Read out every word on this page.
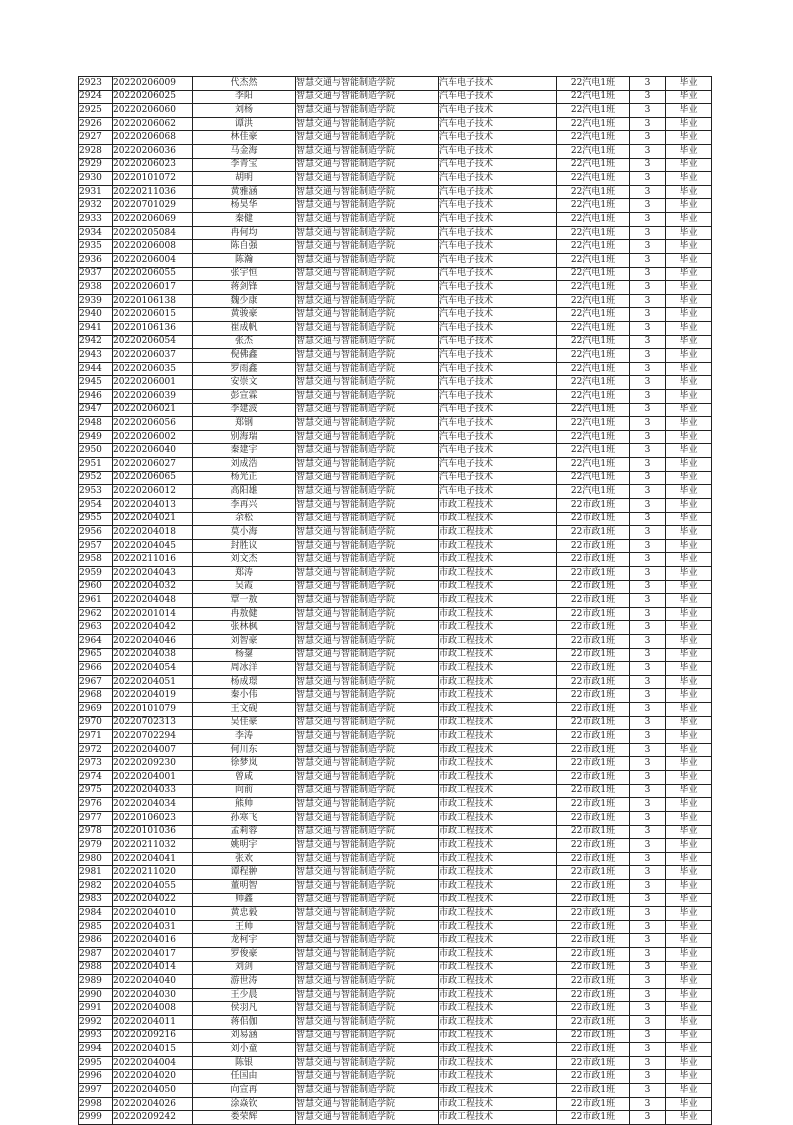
2923	20220206009	代杰然	智慧交通与智能制造学院	汽车电子技术	22汽电1班	3	毕业
2924	20220206025	李阳	智慧交通与智能制造学院	汽车电子技术	22汽电1班	3	毕业
2925	20220206060	刘杨	智慧交通与智能制造学院	汽车电子技术	22汽电1班	3	毕业
2926	20220206062	谭洪	智慧交通与智能制造学院	汽车电子技术	22汽电1班	3	毕业
2927	20220206068	林佳豪	智慧交通与智能制造学院	汽车电子技术	22汽电1班	3	毕业
2928	20220206036	马金海	智慧交通与智能制造学院	汽车电子技术	22汽电1班	3	毕业
2929	20220206023	李青宝	智慧交通与智能制造学院	汽车电子技术	22汽电1班	3	毕业
2930	20220101072	胡明	智慧交通与智能制造学院	汽车电子技术	22汽电1班	3	毕业
2931	20220211036	黄雅涵	智慧交通与智能制造学院	汽车电子技术	22汽电1班	3	毕业
2932	20220701029	杨昊华	智慧交通与智能制造学院	汽车电子技术	22汽电1班	3	毕业
2933	20220206069	秦健	智慧交通与智能制造学院	汽车电子技术	22汽电1班	3	毕业
2934	20220205084	冉何均	智慧交通与智能制造学院	汽车电子技术	22汽电1班	3	毕业
2935	20220206008	陈自强	智慧交通与智能制造学院	汽车电子技术	22汽电1班	3	毕业
2936	20220206004	陈瀚	智慧交通与智能制造学院	汽车电子技术	22汽电1班	3	毕业
2937	20220206055	张宇恒	智慧交通与智能制造学院	汽车电子技术	22汽电1班	3	毕业
2938	20220206017	蒋剑锋	智慧交通与智能制造学院	汽车电子技术	22汽电1班	3	毕业
2939	20220106138	魏少康	智慧交通与智能制造学院	汽车电子技术	22汽电1班	3	毕业
2940	20220206015	黄骏豪	智慧交通与智能制造学院	汽车电子技术	22汽电1班	3	毕业
2941	20220106136	崔成帆	智慧交通与智能制造学院	汽车电子技术	22汽电1班	3	毕业
2942	20220206054	张杰	智慧交通与智能制造学院	汽车电子技术	22汽电1班	3	毕业
2943	20220206037	倪佛鑫	智慧交通与智能制造学院	汽车电子技术	22汽电1班	3	毕业
2944	20220206035	罗雨鑫	智慧交通与智能制造学院	汽车电子技术	22汽电1班	3	毕业
2945	20220206001	安崇文	智慧交通与智能制造学院	汽车电子技术	22汽电1班	3	毕业
2946	20220206039	彭宣霖	智慧交通与智能制造学院	汽车电子技术	22汽电1班	3	毕业
2947	20220206021	李建波	智慧交通与智能制造学院	汽车电子技术	22汽电1班	3	毕业
2948	20220206056	郑钢	智慧交通与智能制造学院	汽车电子技术	22汽电1班	3	毕业
2949	20220206002	别海瑞	智慧交通与智能制造学院	汽车电子技术	22汽电1班	3	毕业
2950	20220206040	秦建宇	智慧交通与智能制造学院	汽车电子技术	22汽电1班	3	毕业
2951	20220206027	刘成浩	智慧交通与智能制造学院	汽车电子技术	22汽电1班	3	毕业
2952	20220206065	杨光正	智慧交通与智能制造学院	汽车电子技术	22汽电1班	3	毕业
2953	20220206012	高阳雄	智慧交通与智能制造学院	汽车电子技术	22汽电1班	3	毕业
2954	20220204013	李再兴	智慧交通与智能制造学院	市政工程技术	22市政1班	3	毕业
2955	20220204021	余松	智慧交通与智能制造学院	市政工程技术	22市政1班	3	毕业
2956	20220204018	莫小海	智慧交通与智能制造学院	市政工程技术	22市政1班	3	毕业
2957	20220204045	封胜议	智慧交通与智能制造学院	市政工程技术	22市政1班	3	毕业
2958	20220211016	刘文杰	智慧交通与智能制造学院	市政工程技术	22市政1班	3	毕业
2959	20220204043	郑涛	智慧交通与智能制造学院	市政工程技术	22市政1班	3	毕业
2960	20220204032	吴霞	智慧交通与智能制造学院	市政工程技术	22市政1班	3	毕业
2961	20220204048	覃一敖	智慧交通与智能制造学院	市政工程技术	22市政1班	3	毕业
2962	20220201014	冉敖健	智慧交通与智能制造学院	市政工程技术	22市政1班	3	毕业
2963	20220204042	张林枫	智慧交通与智能制造学院	市政工程技术	22市政1班	3	毕业
2964	20220204046	刘智豪	智慧交通与智能制造学院	市政工程技术	22市政1班	3	毕业
2965	20220204038	杨鋆	智慧交通与智能制造学院	市政工程技术	22市政1班	3	毕业
2966	20220204054	周冰洋	智慧交通与智能制造学院	市政工程技术	22市政1班	3	毕业
2967	20220204051	杨成璟	智慧交通与智能制造学院	市政工程技术	22市政1班	3	毕业
2968	20220204019	秦小伟	智慧交通与智能制造学院	市政工程技术	22市政1班	3	毕业
2969	20220101079	王文砚	智慧交通与智能制造学院	市政工程技术	22市政1班	3	毕业
2970	20220702313	吴佳豪	智慧交通与智能制造学院	市政工程技术	22市政1班	3	毕业
2971	20220702294	李涛	智慧交通与智能制造学院	市政工程技术	22市政1班	3	毕业
2972	20220204007	何川东	智慧交通与智能制造学院	市政工程技术	22市政1班	3	毕业
2973	20220209230	徐梦岚	智慧交通与智能制造学院	市政工程技术	22市政1班	3	毕业
2974	20220204001	曾咸	智慧交通与智能制造学院	市政工程技术	22市政1班	3	毕业
2975	20220204033	向前	智慧交通与智能制造学院	市政工程技术	22市政1班	3	毕业
2976	20220204034	熊帅	智慧交通与智能制造学院	市政工程技术	22市政1班	3	毕业
2977	20220106023	孙寒飞	智慧交通与智能制造学院	市政工程技术	22市政1班	3	毕业
2978	20220101036	孟莉蓉	智慧交通与智能制造学院	市政工程技术	22市政1班	3	毕业
2979	20220211032	姚明宇	智慧交通与智能制造学院	市政工程技术	22市政1班	3	毕业
2980	20220204041	张欢	智慧交通与智能制造学院	市政工程技术	22市政1班	3	毕业
2981	20220211020	谭程翀	智慧交通与智能制造学院	市政工程技术	22市政1班	3	毕业
2982	20220204055	董明智	智慧交通与智能制造学院	市政工程技术	22市政1班	3	毕业
2983	20220204022	帅鑫	智慧交通与智能制造学院	市政工程技术	22市政1班	3	毕业
2984	20220204010	黄忠毅	智慧交通与智能制造学院	市政工程技术	22市政1班	3	毕业
2985	20220204031	王帅	智慧交通与智能制造学院	市政工程技术	22市政1班	3	毕业
2986	20220204016	龙柯宇	智慧交通与智能制造学院	市政工程技术	22市政1班	3	毕业
2987	20220204017	罗俊豪	智慧交通与智能制造学院	市政工程技术	22市政1班	3	毕业
2988	20220204014	刘剑	智慧交通与智能制造学院	市政工程技术	22市政1班	3	毕业
2989	20220204040	游世涛	智慧交通与智能制造学院	市政工程技术	22市政1班	3	毕业
2990	20220204030	王少晨	智慧交通与智能制造学院	市政工程技术	22市政1班	3	毕业
2991	20220204008	侯羽凡	智慧交通与智能制造学院	市政工程技术	22市政1班	3	毕业
2992	20220204011	蒋佀伽	智慧交通与智能制造学院	市政工程技术	22市政1班	3	毕业
2993	20220209216	刘易涵	智慧交通与智能制造学院	市政工程技术	22市政1班	3	毕业
2994	20220204015	刘小童	智慧交通与智能制造学院	市政工程技术	22市政1班	3	毕业
2995	20220204004	陈银	智慧交通与智能制造学院	市政工程技术	22市政1班	3	毕业
2996	20220204020	任国由	智慧交通与智能制造学院	市政工程技术	22市政1班	3	毕业
2997	20220204050	向宣再	智慧交通与智能制造学院	市政工程技术	22市政1班	3	毕业
2998	20220204026	涂焱钦	智慧交通与智能制造学院	市政工程技术	22市政1班	3	毕业
2999	20220209242	娄荣辉	智慧交通与智能制造学院	市政工程技术	22市政1班	3	毕业
